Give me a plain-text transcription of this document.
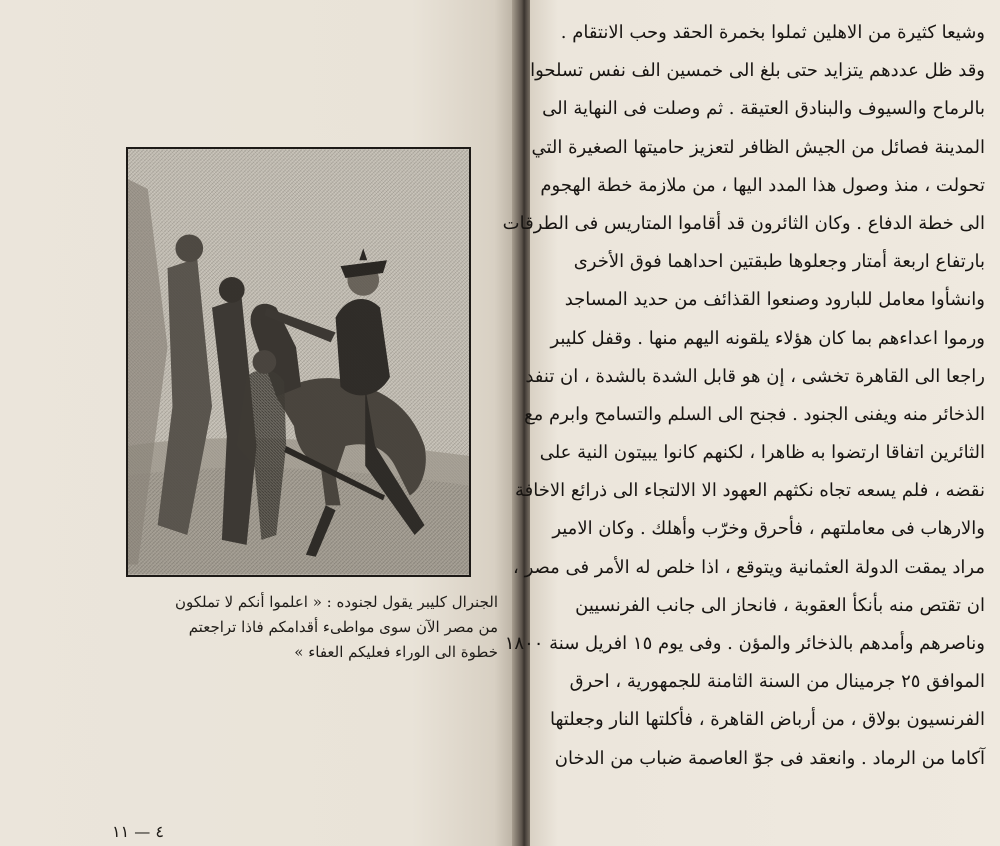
الجنرال كليبر يقول لجنوده : « اعلموا أنكم لا تملكون

من مصر الآن سوى مواطىء أقدامكم فاذا تراجعتم

خطوة الى الوراء فعليكم العفاء »

٤ — ١١
وشيعا كثيرة من الاهلين ثملوا بخمرة الحقد وحب الانتقام .
وقد ظل عددهم يتزايد حتى بلغ الى خمسين الف نفس تسلحوا
بالرماح والسيوف والبنادق العتيقة . ثم وصلت فى النهاية الى
المدينة فصائل من الجيش الظافر لتعزيز حاميتها الصغيرة التي
تحولت ، منذ وصول هذا المدد اليها ، من ملازمة خطة الهجوم
الى خطة الدفاع . وكان الثائرون قد أقاموا المتاريس فى الطرقات
بارتفاع اربعة أمتار وجعلوها طبقتين احداهما فوق الأخرى
وانشأوا معامل للبارود وصنعوا القذائف من حديد المساجد
ورموا اعداءهم بما كان هؤلاء يلقونه اليهم منها . وقفل كليبر
راجعا الى القاهرة تخشى ، إن هو قابل الشدة بالشدة ، ان تنفد
الذخائر منه ويفنى الجنود . فجنح الى السلم والتسامح وابرم مع
الثائرين اتفاقا ارتضوا به ظاهرا ، لكنهم كانوا يبيتون النية على
نقضه ، فلم يسعه تجاه نكثهم العهود الا الالتجاء الى ذرائع الاخافة
والارهاب فى معاملتهم ، فأحرق وخرّب وأهلك . وكان الامير
مراد يمقت الدولة العثمانية ويتوقع ، اذا خلص له الأمر فى مصر ،
ان تقتص منه بأنكأ العقوبة ، فانحاز الى جانب الفرنسيين
وناصرهم وأمدهم بالذخائر والمؤن . وفى يوم ١٥ افريل سنة ١٨٠٠
الموافق ٢٥ جرمينال من السنة الثامنة للجمهورية ، احرق
الفرنسيون بولاق ، من أرباض القاهرة ، فأكلتها النار وجعلتها
آكاما من الرماد . وانعقد فى جوّ العاصمة ضباب من الدخان
